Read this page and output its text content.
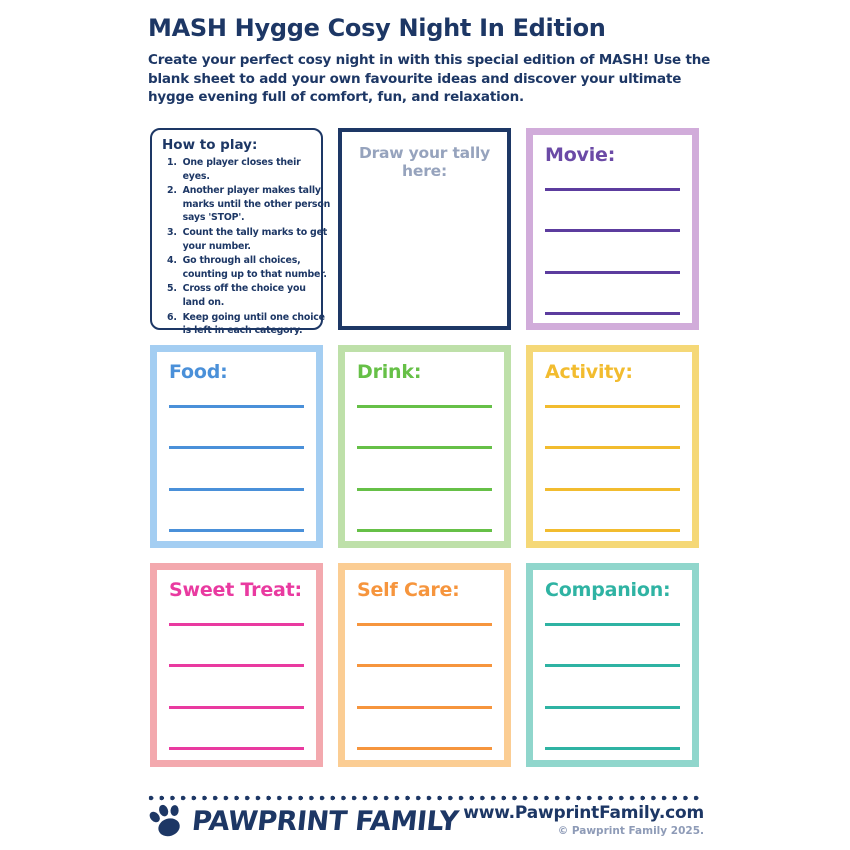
MASH Hygge Cosy Night In Edition

Create your perfect cosy night in with this special edition of MASH! Use the blank sheet to add your own favourite ideas and discover your ultimate hygge evening full of comfort, fun, and relaxation.

How to play:
1. One player closes their eyes.
2. Another player makes tally marks until the other person says 'STOP'.
3. Count the tally marks to get your number.
4. Go through all choices, counting up to that number.
5. Cross off the choice you land on.
6. Keep going until one choice is left in each category.
Draw your tally here:
Movie:
Food:	Drink:	Activity:
Sweet Treat:	Self Care:	Companion:
PAWPRINT FAMILY www.PawprintFamily.com
© Pawprint Family 2025.
